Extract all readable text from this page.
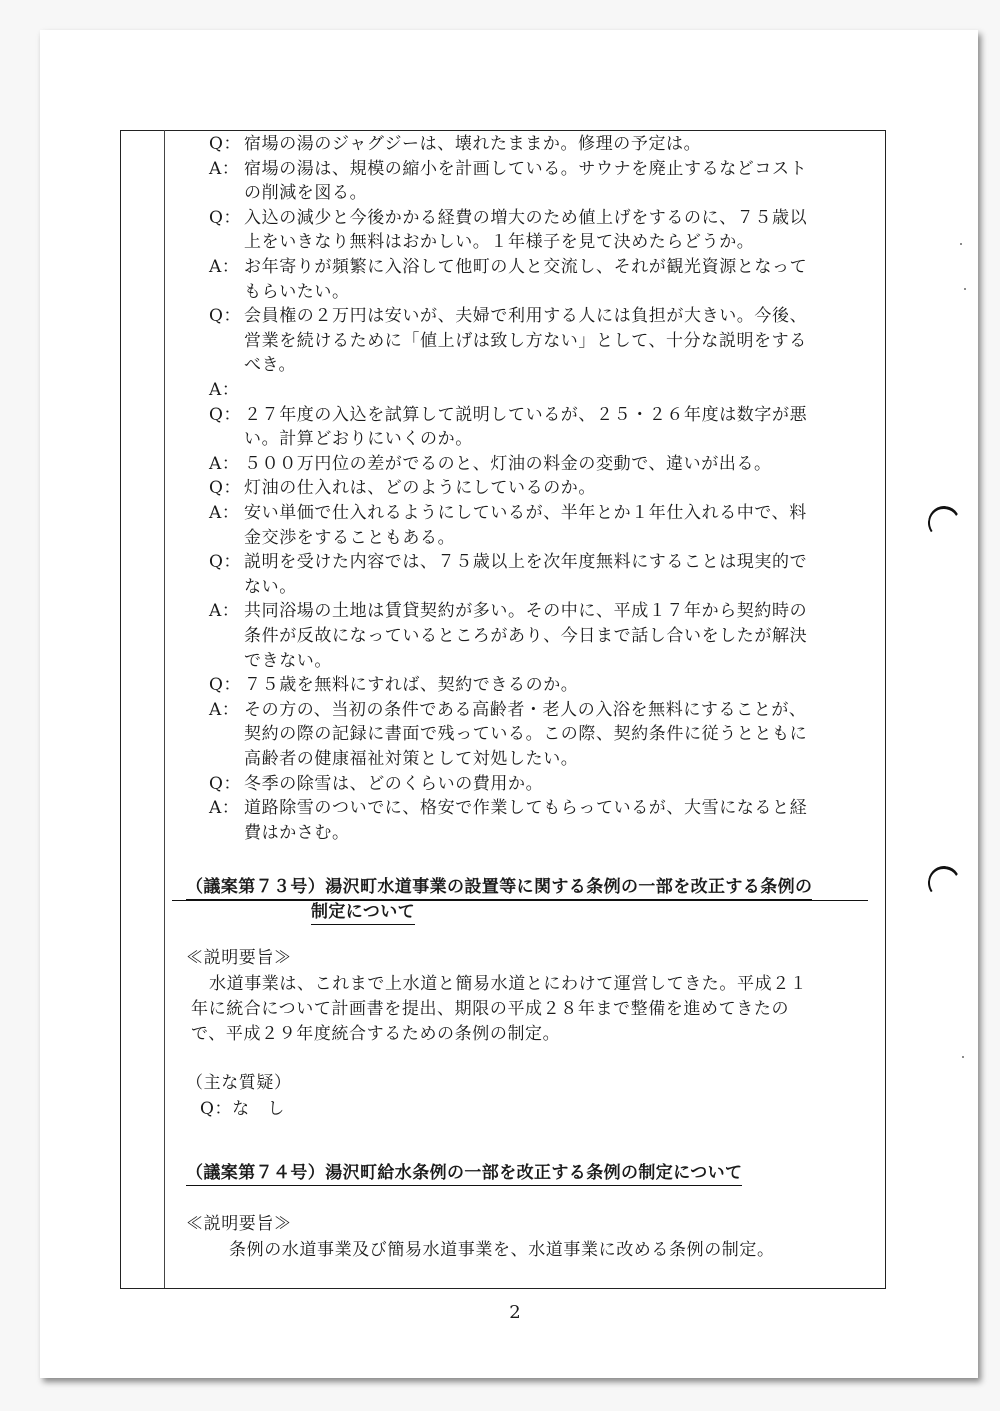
Q： 宿場の湯のジャグジーは、壊れたままか。修理の予定は。
A： 宿場の湯は、規模の縮小を計画している。サウナを廃止するなどコスト
の削減を図る。
Q： 入込の減少と今後かかる経費の増大のため値上げをするのに、７５歳以
上をいきなり無料はおかしい。１年様子を見て決めたらどうか。
A： お年寄りが頻繁に入浴して他町の人と交流し、それが観光資源となって
もらいたい。
Q： 会員権の２万円は安いが、夫婦で利用する人には負担が大きい。今後、
営業を続けるために「値上げは致し方ない」として、十分な説明をする
べき。
A：
Q： ２７年度の入込を試算して説明しているが、２５・２６年度は数字が悪
い。計算どおりにいくのか。
A： ５００万円位の差がでるのと、灯油の料金の変動で、違いが出る。
Q： 灯油の仕入れは、どのようにしているのか。
A： 安い単価で仕入れるようにしているが、半年とか１年仕入れる中で、料
金交渉をすることもある。
Q： 説明を受けた内容では、７５歳以上を次年度無料にすることは現実的で
ない。
A： 共同浴場の土地は賃貸契約が多い。その中に、平成１７年から契約時の
条件が反故になっているところがあり、今日まで話し合いをしたが解決
できない。
Q： ７５歳を無料にすれば、契約できるのか。
A： その方の、当初の条件である高齢者・老人の入浴を無料にすることが、
契約の際の記録に書面で残っている。この際、契約条件に従うとともに
高齢者の健康福祉対策として対処したい。
Q： 冬季の除雪は、どのくらいの費用か。
A： 道路除雪のついでに、格安で作業してもらっているが、大雪になると経
費はかさむ。
（議案第７３号）湯沢町水道事業の設置等に関する条例の一部を改正する条例の
制定について
≪説明要旨≫
水道事業は、これまで上水道と簡易水道とにわけて運営してきた。平成２１
年に統合について計画書を提出、期限の平成２８年まで整備を進めてきたの
で、平成２９年度統合するための条例の制定。
（主な質疑）
Q：な　し
（議案第７４号）湯沢町給水条例の一部を改正する条例の制定について
≪説明要旨≫
条例の水道事業及び簡易水道事業を、水道事業に改める条例の制定。
2
